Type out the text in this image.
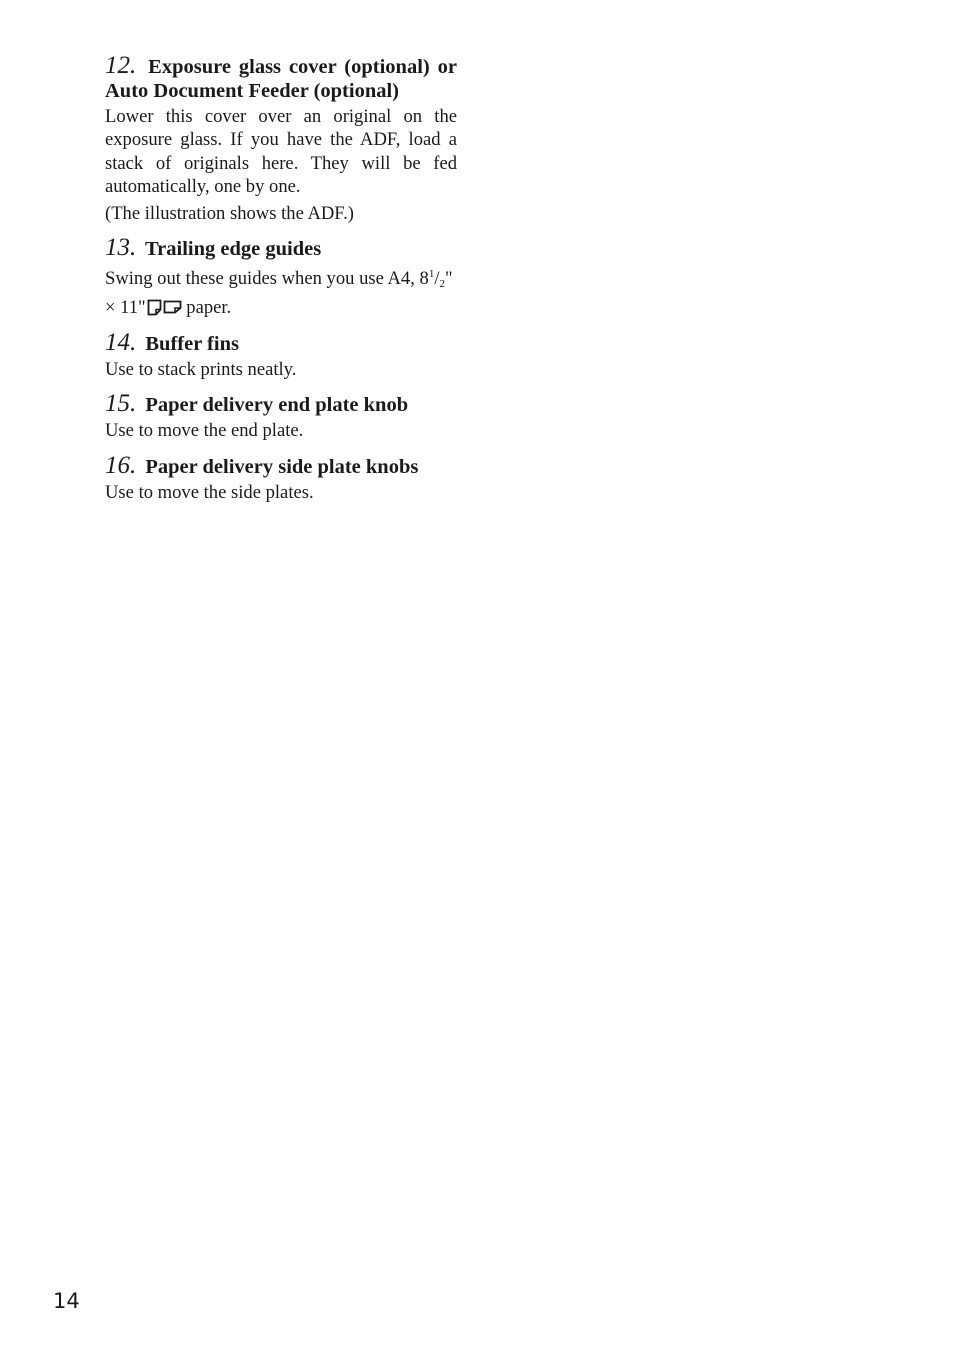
12. Exposure glass cover (optional) or Auto Document Feeder (optional)

Lower this cover over an original on the exposure glass. If you have the ADF, load a stack of originals here. They will be fed automatically, one by one.

(The illustration shows the ADF.)

13. Trailing edge guides

Swing out these guides when you use A4, $8^1/2$" × 11" paper.

14. Buffer fins

Use to stack prints neatly.

15. Paper delivery end plate knob

Use to move the end plate.

16. Paper delivery side plate knobs

Use to move the side plates.

14
